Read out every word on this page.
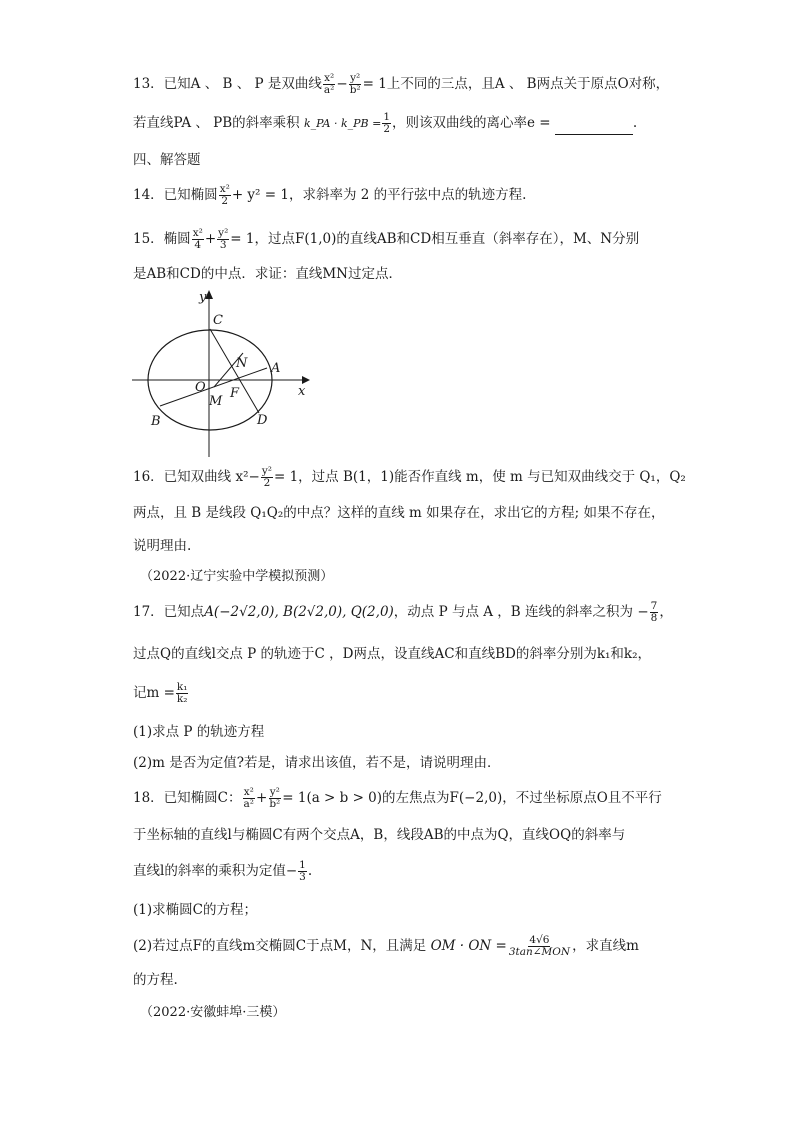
13．已知A 、 B 、 P 是双曲线 $\frac{\text{x²}}{\text{a²}} - \frac{\text{y²}}{\text{b²}} = 1$上不同的三点，且A 、 B两点关于原点O对称，
若直线PA 、 PB的斜率乘积 k_PA · k_PB = $\frac{1}{2}$ ，则该双曲线的离心率e =	.
四、解答题
14．已知椭圆 $\frac{\text{x²}}{2} + y^2 = 1$，求斜率为 2 的平行弦中点的轨迹方程.
15．椭圆 $\frac{\text{x²}}{4} + \frac{\text{y²}}{3} = 1$，过点F(1,0)的直线AB和CD相互垂直（斜率存在），M、N分别
是AB和CD的中点．求证：直线MN过定点．
y
C
N A
O	x
M
F
B	D
16．已知双曲线 $x^2- \frac{\text{y²}}{2} = 1$，过点 B(1，1)能否作直线 m，使 m 与已知双曲线交于 Q₁，Q₂
两点，且 B 是线段 Q₁Q₂的中点？这样的直线 m 如果存在，求出它的方程; 如果不存在，
说明理由.
（2022·辽宁实验中学模拟预测）
17．已知点A(−2√2,0), B(2√2,0), Q(2,0)，动点 P 与点 A ，B 连线的斜率之积为 − $\frac{7}{8}$ ，
过点Q的直线l交点 P 的轨迹于C ，D两点，设直线AC和直线BD的斜率分别为k₁和k₂，
记$m = \frac{\text{k₁}}{\text{k₂}}$
(1)求点 P 的轨迹方程
(2)m 是否为定值?若是，请求出该值，若不是，请说明理由．
18．已知椭圆C： $\frac{\text{x²}}{\text{a²}} + \frac{\text{y²}}{\text{b²}} = 1(a > b > 0)$的左焦点为F(−2,0)，不过坐标原点O且不平行
于坐标轴的直线l与椭圆C有两个交点A，B，线段AB的中点为Q，直线OQ的斜率与
直线l的斜率的乘积为定值− $\frac{1}{3}$ .
(1)求椭圆C的方程；
(2)若过点F的直线m交椭圆C于点M，N，且满足 OM · ON = 4√6
3tan∠MON ，求直线m
的方程.
（2022·安徽蚌埠·三模）
